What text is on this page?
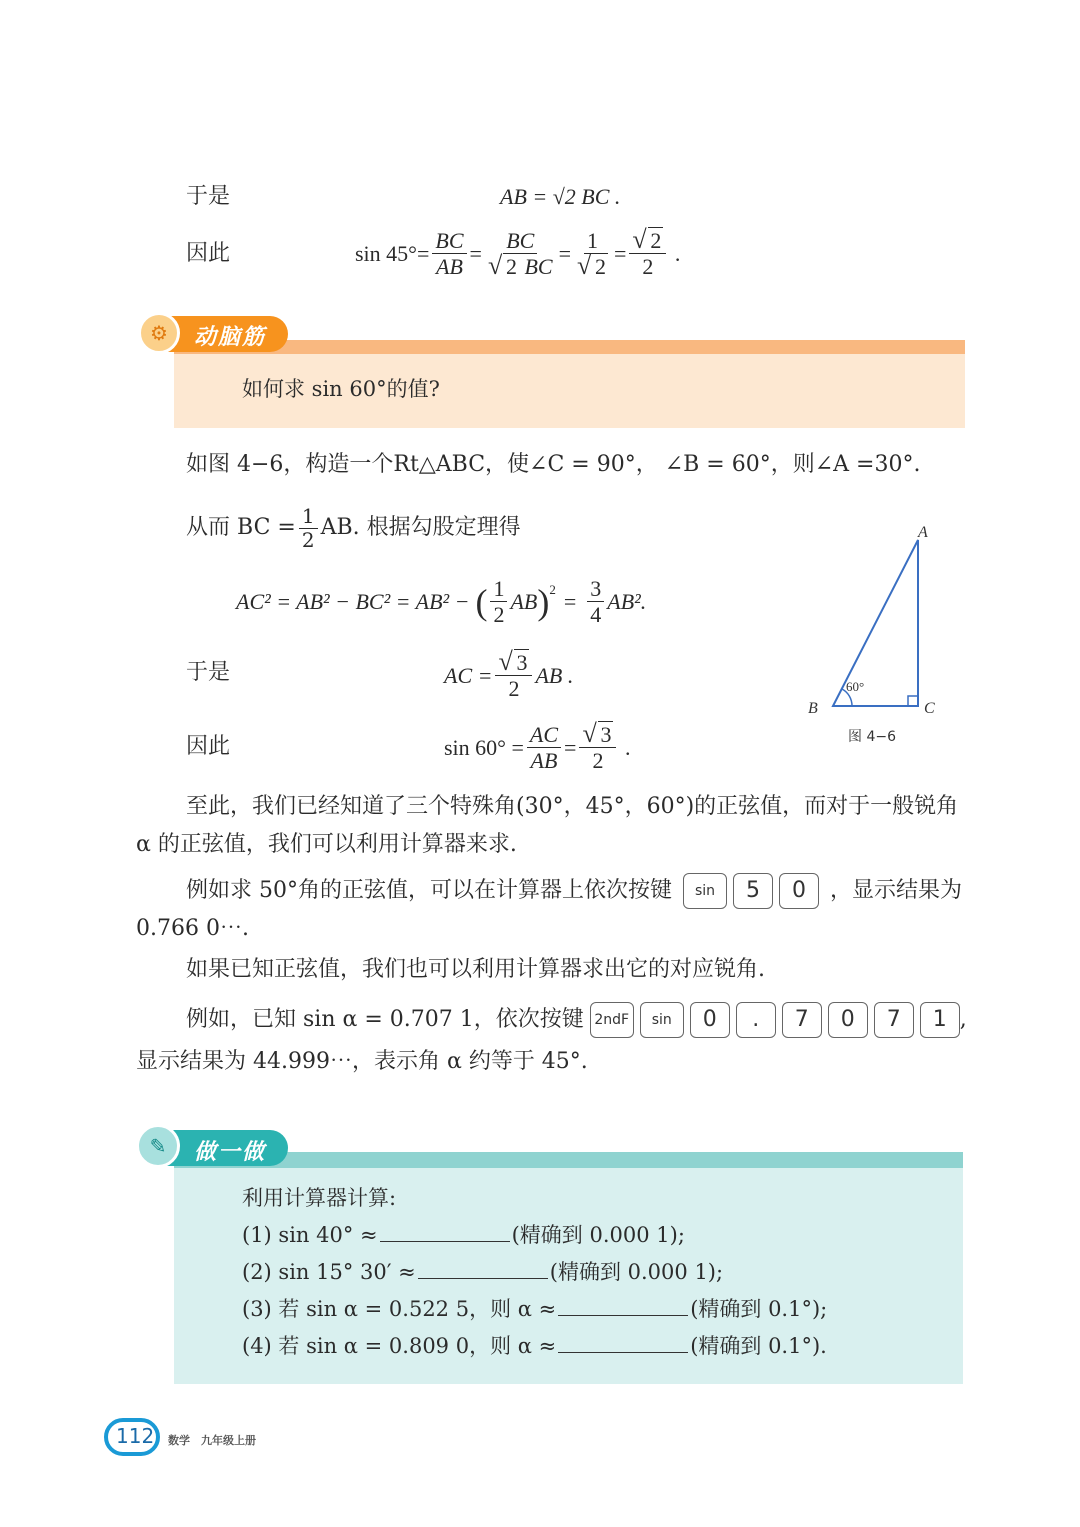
于是	AB = √2 BC .
因此	$\sin 45^\circ= \frac{BC}{AB}$ = BC
√ 2 BC = 1
√ 2 = √ $\frac{2}{2}$ .
⚙	动脑筋
如何求 sin 60°的值?
如图 4−6，构造一个Rt△ABC，使∠C = 90°， ∠B = 60°，则∠A =30°.
从而 BC = $\frac{1}{2}$ AB. 根据勾股定理得
AC² = AB² − BC² = AB² − ( $\frac{1}{2}$ AB )$^2 = \frac{3}{4} AB^2$.
于是	AC = √ $\frac{3}{2}$ AB .
因此	$\sin 60^\circ = \frac{AC}{AB}$ = √ $\frac{3}{2}$ .
A
B	C
60°
图 4−6
至此，我们已经知道了三个特殊角(30°，45°，60°)的正弦值，而对于一般锐角 α 的正弦值，我们可以利用计算器来求.
例如求 50°角的正弦值，可以在计算器上依次按键	sin	5	0	，显示结果为 0.766 0⋯.
如果已知正弦值，我们也可以利用计算器求出它的对应锐角.
例如，已知 sin α = 0.707 1，依次按键 2ndF	sin	0	.	7	0	7	1 ,
显示结果为 44.999⋯，表示角 α 约等于 45°.
✎	做一做
利用计算器计算:
(1) sin 40° ≈	(精确到 0.000 1);
(2) sin 15° 30′ ≈	(精确到 0.000 1);
(3) 若 sin α = 0.522 5，则 α ≈	(精确到 0.1°);
(4) 若 sin α = 0.809 0，则 α ≈	(精确到 0.1°).
112 数学　九年级上册
